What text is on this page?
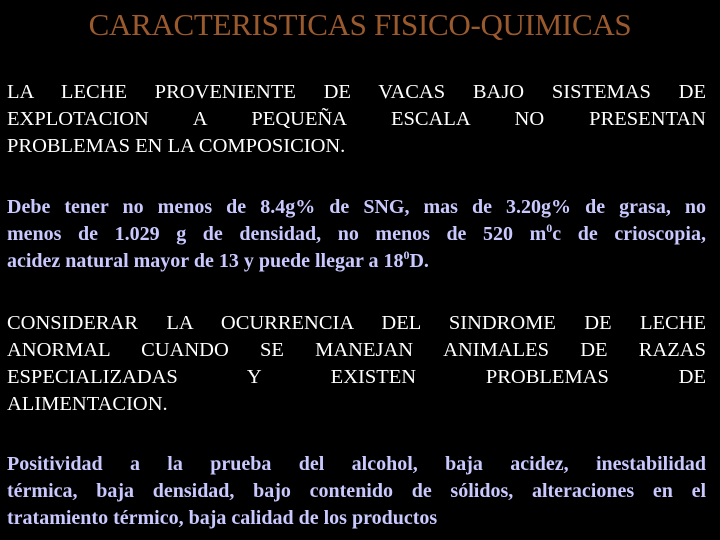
CARACTERISTICAS FISICO-QUIMICAS
LA LECHE PROVENIENTE DE VACAS BAJO SISTEMAS DE
EXPLOTACION A PEQUEÑA ESCALA NO PRESENTAN
PROBLEMAS EN LA COMPOSICION.
Debe tener no menos de 8.4g% de SNG, mas de 3.20g% de grasa, no
menos de 1.029 g de densidad, no menos de 520 $m^0c$ de crioscopia,
acidez natural mayor de 13 y puede llegar a $18^0D$.
CONSIDERAR LA OCURRENCIA DEL SINDROME DE LECHE
ANORMAL CUANDO SE MANEJAN ANIMALES DE RAZAS
ESPECIALIZADAS Y EXISTEN PROBLEMAS DE
ALIMENTACION.
Positividad a la prueba del alcohol, baja acidez, inestabilidad
térmica, baja densidad, bajo contenido de sólidos, alteraciones en el
tratamiento térmico, baja calidad de los productos
